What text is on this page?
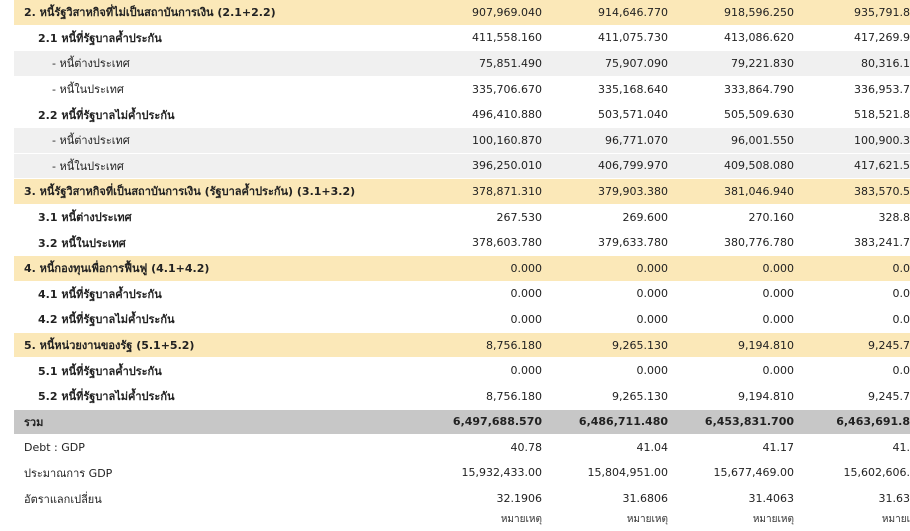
2. หนี้รัฐวิสาหกิจที่ไม่เป็นสถาบันการเงิน (2.1+2.2)	907,969.040	914,646.770	918,596.250	935,791.8
2.1 หนี้ที่รัฐบาลค้ำประกัน	411,558.160	411,075.730	413,086.620	417,269.9
- หนี้ต่างประเทศ	75,851.490	75,907.090	79,221.830	80,316.1
- หนี้ในประเทศ	335,706.670	335,168.640	333,864.790	336,953.7
2.2 หนี้ที่รัฐบาลไม่ค้ำประกัน	496,410.880	503,571.040	505,509.630	518,521.8
- หนี้ต่างประเทศ	100,160.870	96,771.070	96,001.550	100,900.3
- หนี้ในประเทศ	396,250.010	406,799.970	409,508.080	417,621.5
3. หนี้รัฐวิสาหกิจที่เป็นสถาบันการเงิน (รัฐบาลค้ำประกัน) (3.1+3.2)	378,871.310	379,903.380	381,046.940	383,570.5
3.1 หนี้ต่างประเทศ	267.530	269.600	270.160	328.8
3.2 หนี้ในประเทศ	378,603.780	379,633.780	380,776.780	383,241.7
4. หนี้กองทุนเพื่อการฟื้นฟู (4.1+4.2)	0.000	0.000	0.000	0.0
4.1 หนี้ที่รัฐบาลค้ำประกัน	0.000	0.000	0.000	0.0
4.2 หนี้ที่รัฐบาลไม่ค้ำประกัน	0.000	0.000	0.000	0.0
5. หนี้หน่วยงานของรัฐ (5.1+5.2)	8,756.180	9,265.130	9,194.810	9,245.7
5.1 หนี้ที่รัฐบาลค้ำประกัน	0.000	0.000	0.000	0.0
5.2 หนี้ที่รัฐบาลไม่ค้ำประกัน	8,756.180	9,265.130	9,194.810	9,245.7
รวม	6,497,688.570	6,486,711.480	6,453,831.700	6,463,691.8
Debt : GDP	40.78	41.04	41.17	41.
ประมาณการ GDP	15,932,433.00	15,804,951.00	15,677,469.00	15,602,606.
อัตราแลกเปลี่ยน	32.1906	31.6806	31.4063	31.63
	หมายเหตุ	หมายเหตุ	หมายเหตุ	หมายเ
